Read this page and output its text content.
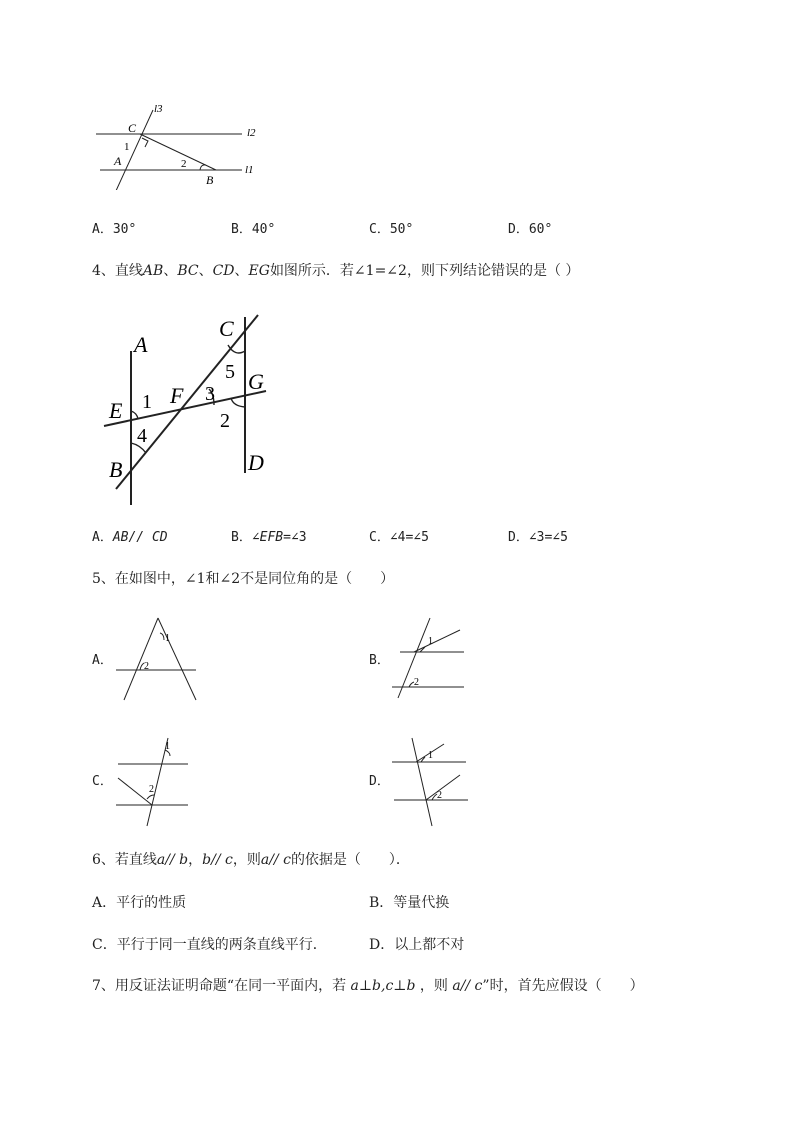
l3
l2
l1
C
1
A	2
B
A．30°	B．40°	C．50°	D．60°
4、直线AB、BC、CD、EG如图所示．若∠1=∠2，则下列结论错误的是（ ）
A
C
5 G
3
F
1
E	2
4
D
B
A．AB// CD	B．∠EFB=∠3	C．∠4=∠5	D．∠3=∠5
5、在如图中，∠1和∠2不是同位角的是（　　）
A．
1
2	B．
1
2
C．
1
2
D．
1
2
6、若直线a// b，b// c，则a// c的依据是（　　）．
A．平行的性质	B．等量代换
C．平行于同一直线的两条直线平行．	D．以上都不对
7、用反证法证明命题“在同一平面内，若 a⊥b,c⊥b ，则 a// c”时，首先应假设（　　）
